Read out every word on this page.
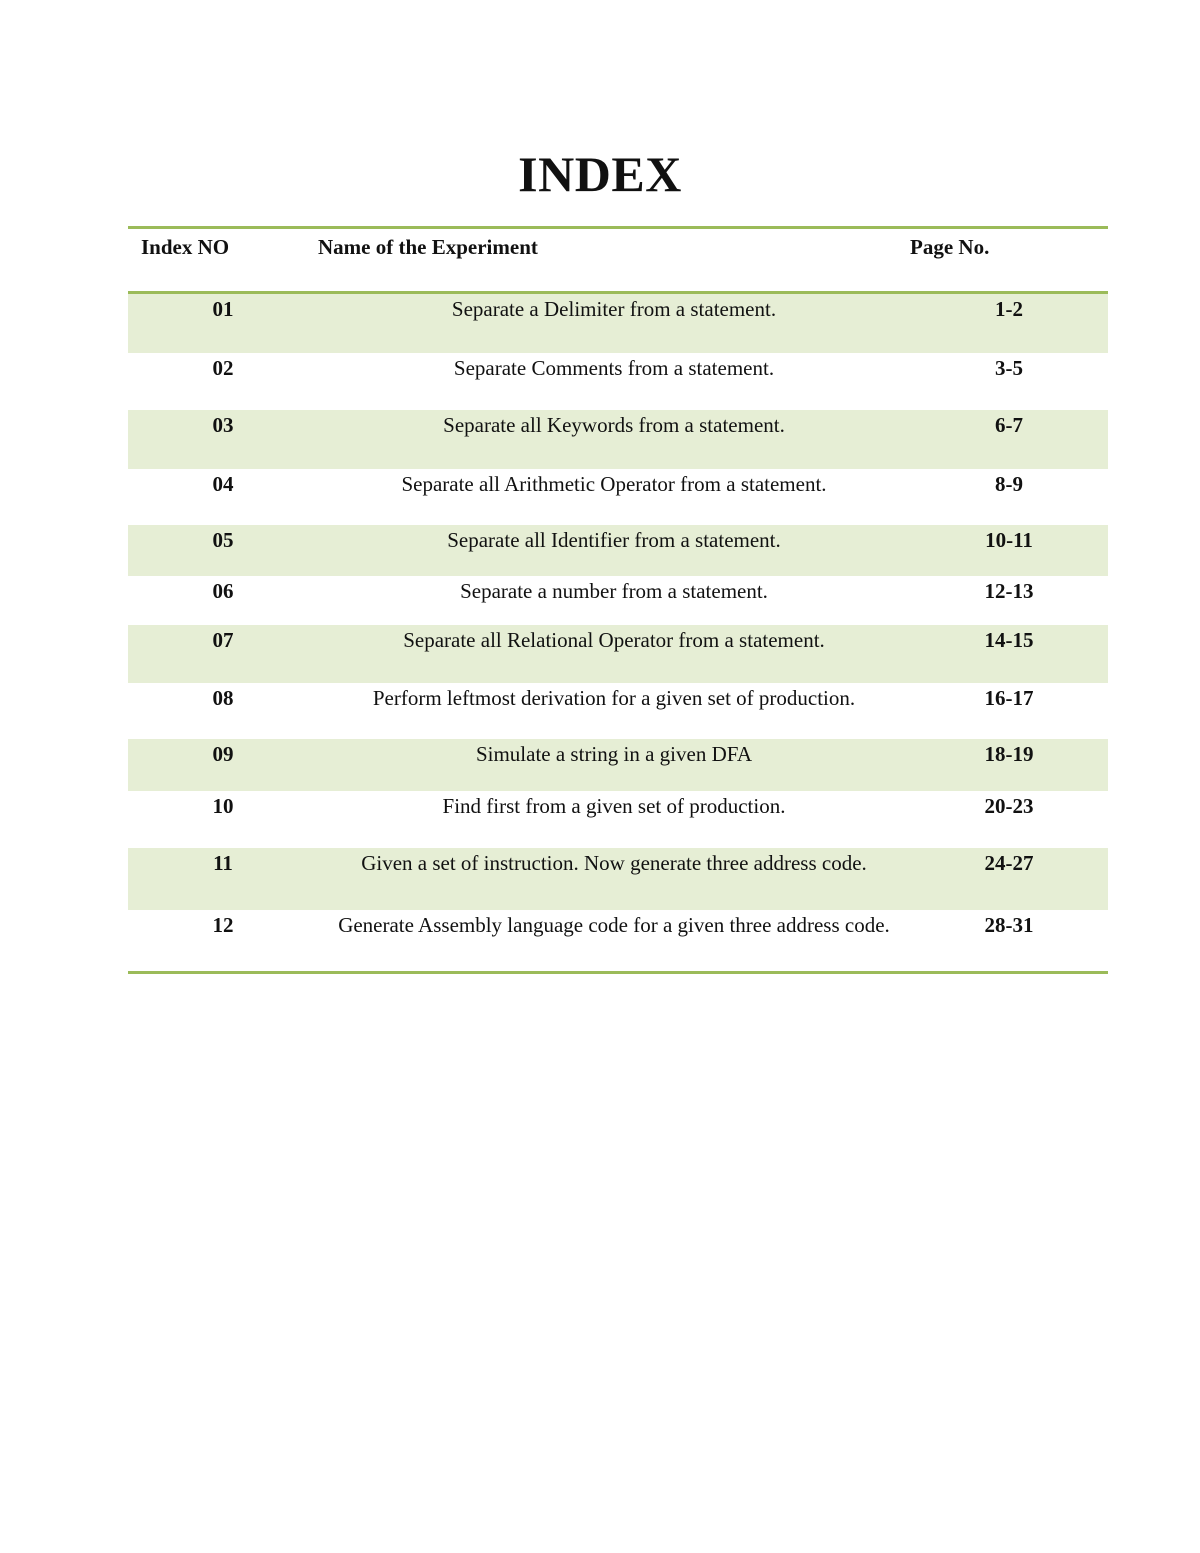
INDEX
Index NO	Name of the Experiment	Page No.
01	Separate a Delimiter from a statement.	1-2
02	Separate Comments from a statement.	3-5
03	Separate all Keywords from a statement.	6-7
04	Separate all Arithmetic Operator from a statement.	8-9
05	Separate all Identifier from a statement.	10-11
06	Separate a number from a statement.	12-13
07	Separate all Relational Operator from a statement.	14-15
08	Perform leftmost derivation for a given set of production.	16-17
09	Simulate a string in a given DFA	18-19
10	Find first from a given set of production.	20-23
11	Given a set of instruction. Now generate three address code.	24-27
12	Generate Assembly language code for a given three address code.	28-31
